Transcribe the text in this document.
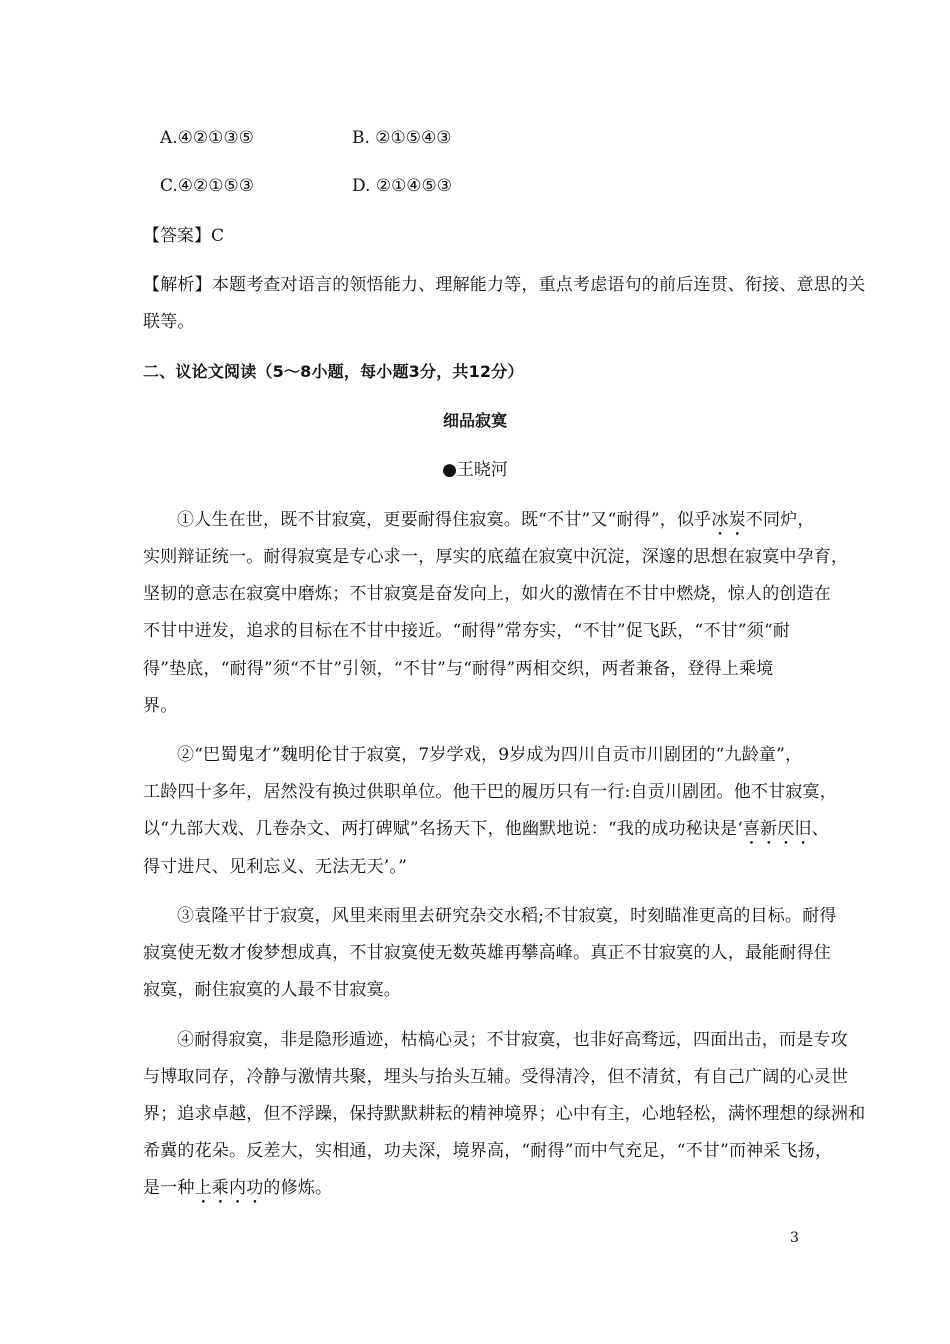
A.④②①③⑤	B. ②①⑤④③
C.④②①⑤③	D. ②①④⑤③
【答案】C
【解析】本题考查对语言的领悟能力、理解能力等，重点考虑语句的前后连贯、衔接、意思的关
联等。
二、议论文阅读（5～8小题，每小题3分，共12分）
细品寂寞
●王晓河
①人生在世，既不甘寂寞，更要耐得住寂寞。既“不甘”又“耐得”，似乎冰炭不同炉，
实则辩证统一。耐得寂寞是专心求一，厚实的底蕴在寂寞中沉淀，深邃的思想在寂寞中孕育，
坚韧的意志在寂寞中磨炼；不甘寂寞是奋发向上，如火的激情在不甘中燃烧，惊人的创造在
不甘中迸发，追求的目标在不甘中接近。“耐得”常夯实，“不甘”促飞跃，“不甘”须“耐
得”垫底，“耐得”须“不甘”引领，“不甘”与“耐得”两相交织，两者兼备，登得上乘境
界。
②“巴蜀鬼才”魏明伦甘于寂寞，7岁学戏，9岁成为四川自贡市川剧团的“九龄童”，
工龄四十多年，居然没有换过供职单位。他干巴的履历只有一行:自贡川剧团。他不甘寂寞，
以“九部大戏、几卷杂文、两打碑赋”名扬天下，他幽默地说：“我的成功秘诀是‘喜新厌旧、
得寸进尺、见利忘义、无法无天’。”
③袁隆平甘于寂寞，风里来雨里去研究杂交水稻;不甘寂寞，时刻瞄准更高的目标。耐得
寂寞使无数才俊梦想成真，不甘寂寞使无数英雄再攀高峰。真正不甘寂寞的人，最能耐得住
寂寞，耐住寂寞的人最不甘寂寞。
④耐得寂寞，非是隐形遁迹，枯槁心灵；不甘寂寞，也非好高骛远，四面出击，而是专攻
与博取同存，冷静与激情共聚，埋头与抬头互辅。受得清冷，但不清贫，有自己广阔的心灵世
界；追求卓越，但不浮躁，保持默默耕耘的精神境界；心中有主，心地轻松，满怀理想的绿洲和
希冀的花朵。反差大，实相通，功夫深，境界高，“耐得”而中气充足，“不甘”而神采飞扬，
是一种上乘内功的修炼。
3
